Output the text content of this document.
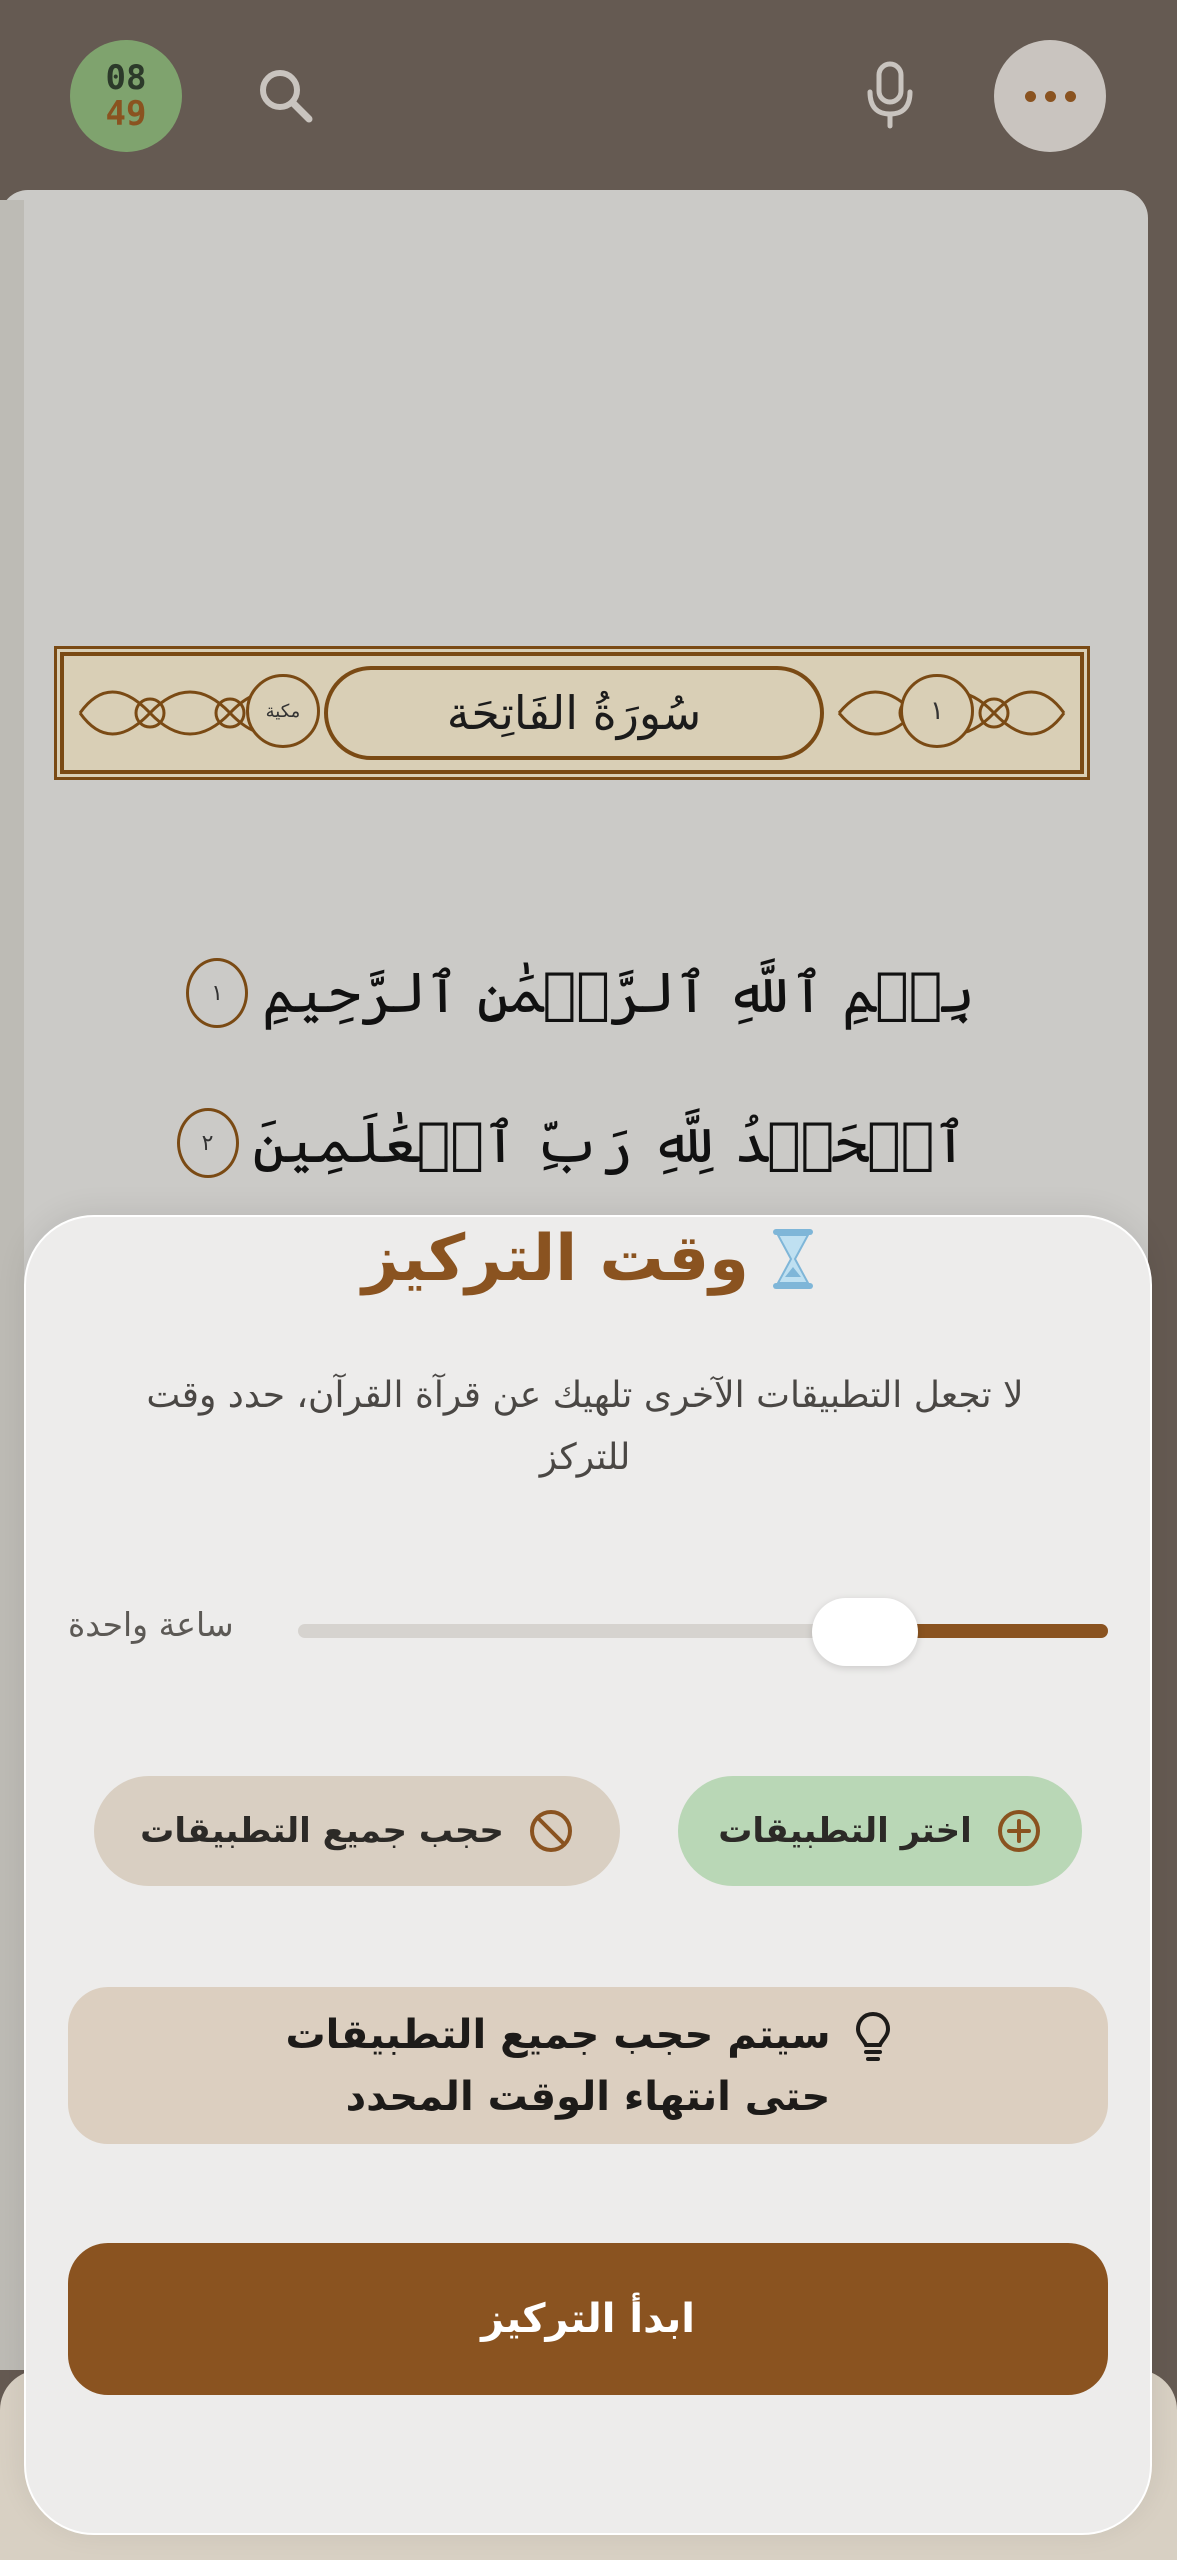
08
49
سُورَةُ الفَاتِحَة
مكية	١
بِسۡمِ ٱللَّهِ ٱلرَّحۡمَٰنِ ٱلرَّحِيمِ
١
ٱلۡحَمۡدُ لِلَّهِ رَبِّ ٱلۡعَٰلَمِينَ
٢
وقت التركيز
لا تجعل التطبيقات الآخرى تلهيك عن قرآة القرآن، حدد وقت للتركز
ساعة واحدة
اختر التطبيقات
حجب جميع التطبيقات
سيتم حجب جميع التطبيقات حتى انتهاء الوقت المحدد
ابدأ التركيز
